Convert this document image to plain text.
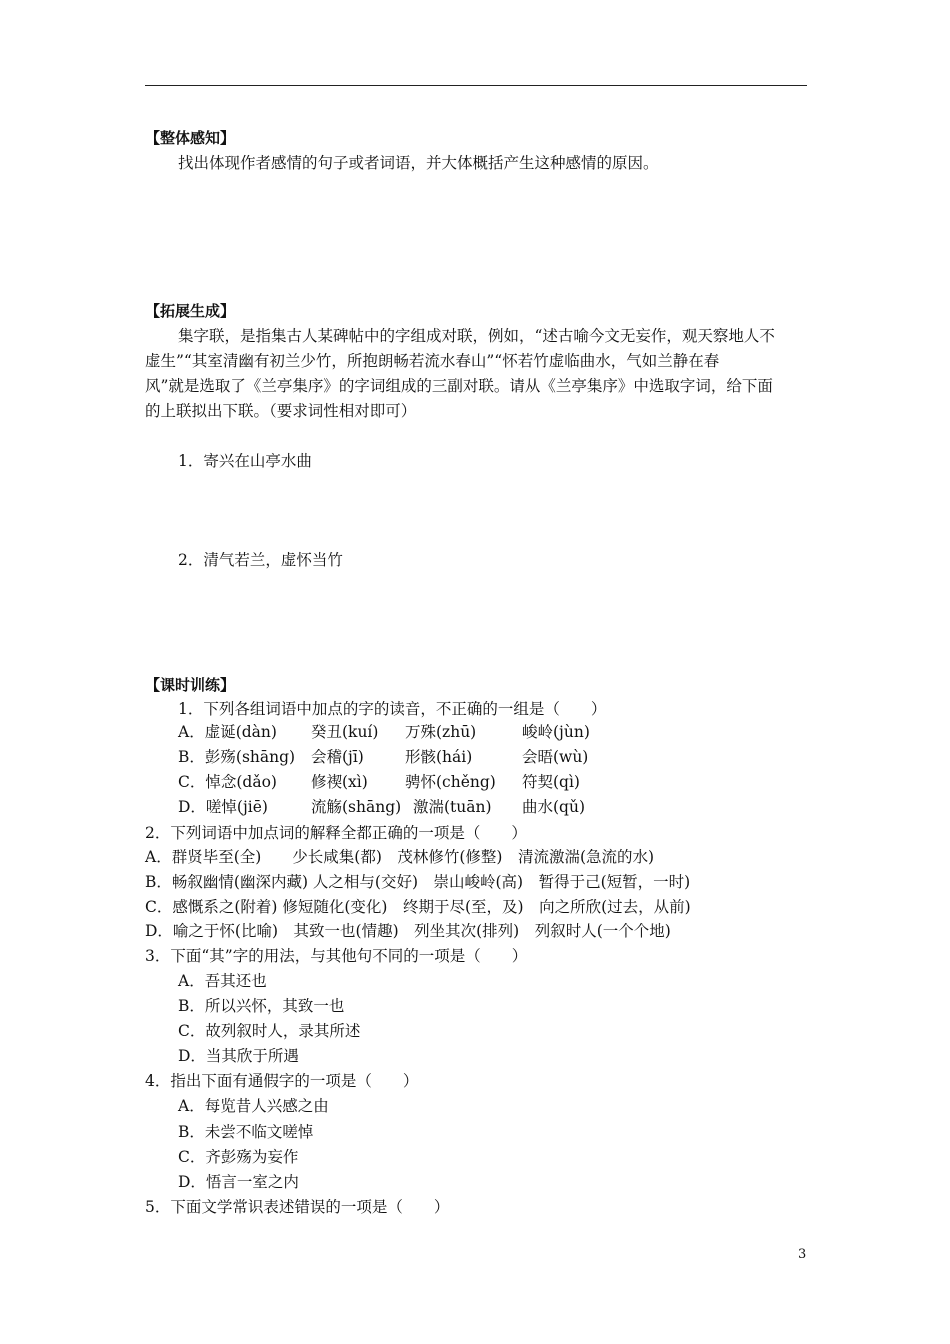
【整体感知】
找出体现作者感情的句子或者词语，并大体概括产生这种感情的原因。
【拓展生成】
集字联，是指集古人某碑帖中的字组成对联，例如，“述古喻今文无妄作，观天察地人不
虚生”“其室清幽有初兰少竹，所抱朗畅若流水春山”“怀若竹虚临曲水，气如兰静在春
风”就是选取了《兰亭集序》的字词组成的三副对联。请从《兰亭集序》中选取字词，给下面
的上联拟出下联。（要求词性相对即可）
1．寄兴在山亭水曲
2．清气若兰，虚怀当竹
【课时训练】
1．下列各组词语中加点的字的读音，不正确的一组是（　　）
A．虚诞(dàn) 癸丑(kuí) 万殊(zhū)	峻岭(jùn)
B．彭殇(shāng) 会稽(jī)	形骸(hái)	会晤(wù)
C．悼念(dǎo) 修禊(xì) 骋怀(chěng) 符契(qì)
D．嗟悼(jiē)	流觞(shāng) 激湍(tuān) 曲水(qǔ)
2．下列词语中加点词的解释全都正确的一项是（　　）
A．群贤毕至(全)　　少长咸集(都)　茂林修竹(修整)　清流激湍(急流的水)
B．畅叙幽情(幽深内藏) 人之相与(交好)　崇山峻岭(高)　暂得于己(短暂，一时)
C．感慨系之(附着) 修短随化(变化)　终期于尽(至，及)　向之所欣(过去，从前)
D．喻之于怀(比喻)　其致一也(情趣)　列坐其次(排列)　列叙时人(一个个地)
3．下面“其”字的用法，与其他句不同的一项是（　　）
A．吾其还也
B．所以兴怀，其致一也
C．故列叙时人，录其所述
D．当其欣于所遇
4．指出下面有通假字的一项是（　　）
A．每览昔人兴感之由
B．未尝不临文嗟悼
C．齐彭殇为妄作
D．悟言一室之内
5．下面文学常识表述错误的一项是（　　）
3
